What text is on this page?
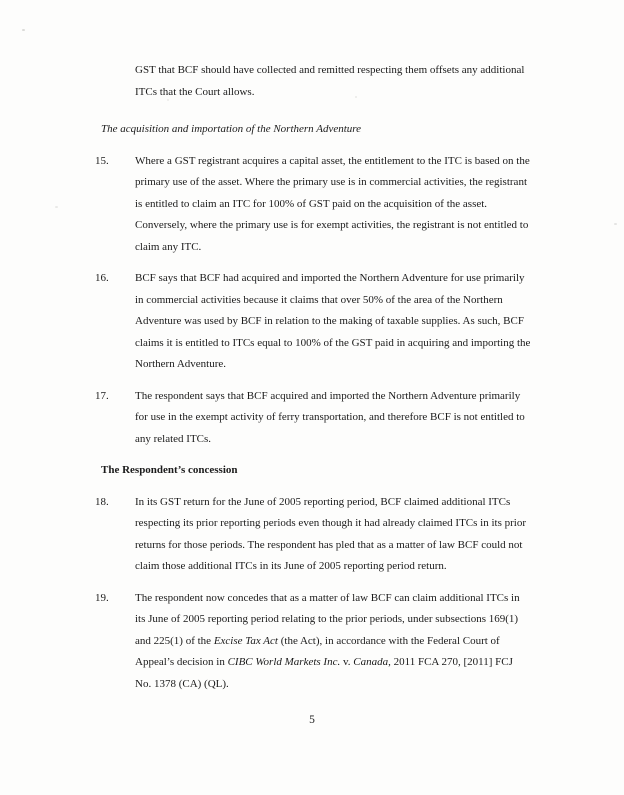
GST that BCF should have collected and remitted respecting them offsets any additional ITCs that the Court allows.

The acquisition and importation of the Northern Adventure
15.	Where a GST registrant acquires a capital asset, the entitlement to the ITC is based on the primary use of the asset. Where the primary use is in commercial activities, the registrant is entitled to claim an ITC for 100% of GST paid on the acquisition of the asset. Conversely, where the primary use is for exempt activities, the registrant is not entitled to claim any ITC.

16.	BCF says that BCF had acquired and imported the Northern Adventure for use primarily in commercial activities because it claims that over 50% of the area of the Northern Adventure was used by BCF in relation to the making of taxable supplies. As such, BCF claims it is entitled to ITCs equal to 100% of the GST paid in acquiring and importing the Northern Adventure.

17.	The respondent says that BCF acquired and imported the Northern Adventure primarily for use in the exempt activity of ferry transportation, and therefore BCF is not entitled to any related ITCs.

The Respondent’s concession
18.	In its GST return for the June of 2005 reporting period, BCF claimed additional ITCs respecting its prior reporting periods even though it had already claimed ITCs in its prior returns for those periods. The respondent has pled that as a matter of law BCF could not claim those additional ITCs in its June of 2005 reporting period return.

19.	The respondent now concedes that as a matter of law BCF can claim additional ITCs in its June of 2005 reporting period relating to the prior periods, under subsections 169(1) and 225(1) of the Excise Tax Act (the Act), in accordance with the Federal Court of Appeal’s decision in CIBC World Markets Inc. v. Canada, 2011 FCA 270, [2011] FCJ No. 1378 (CA) (QL).

5
